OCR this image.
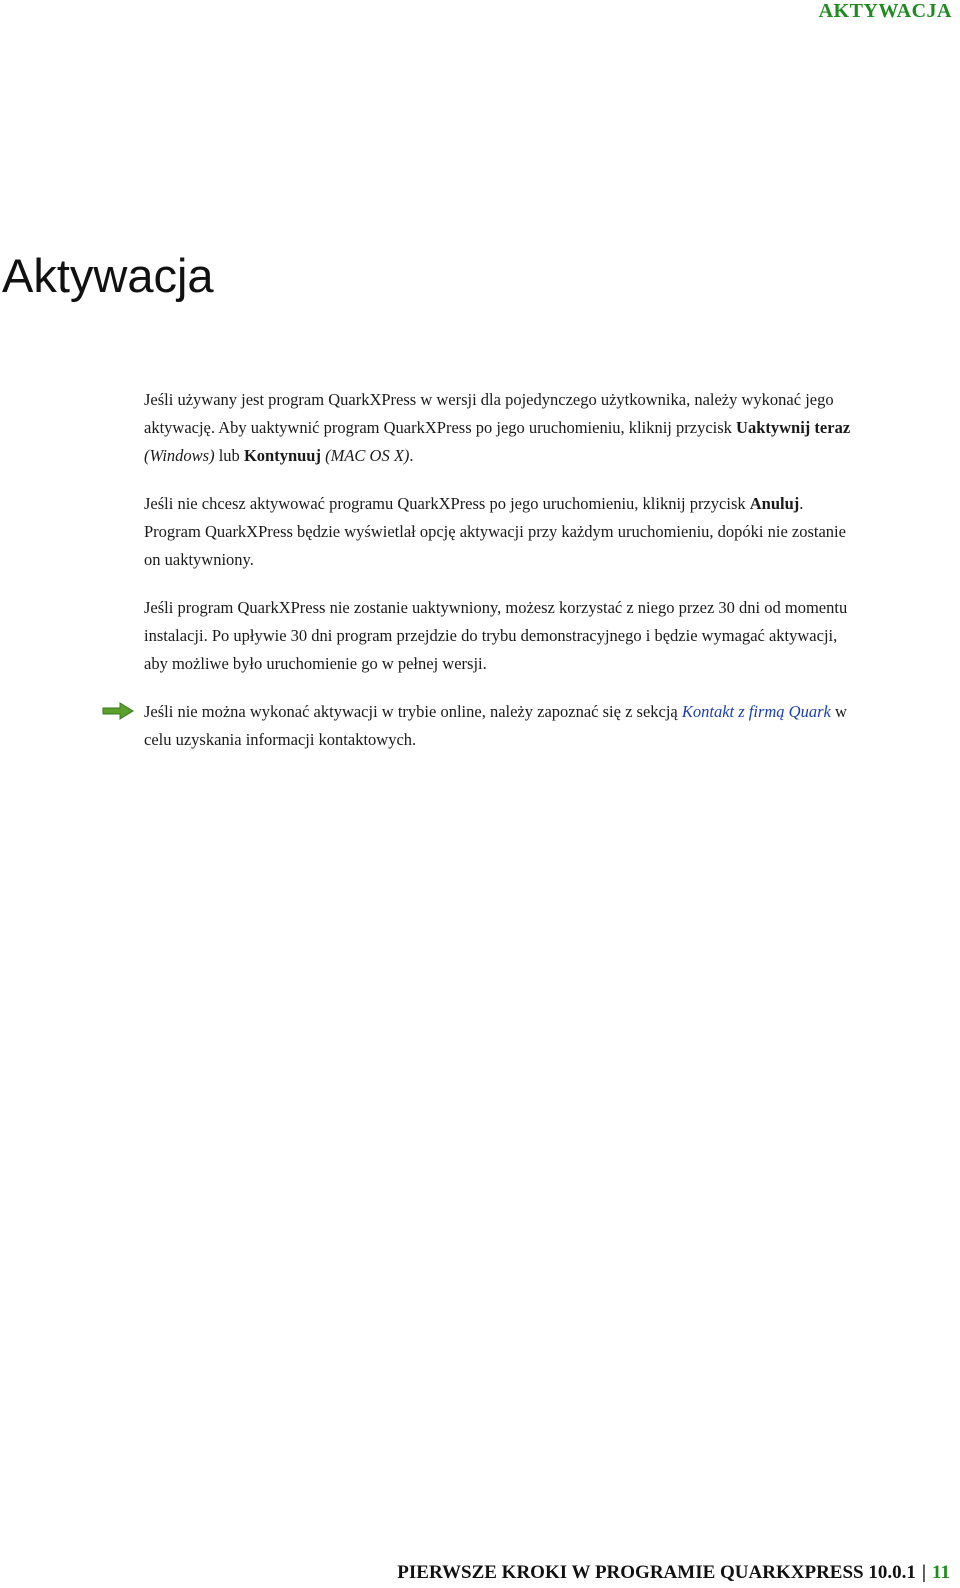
AKTYWACJA
Aktywacja

Jeśli używany jest program QuarkXPress w wersji dla pojedynczego użytkownika, należy wykonać jego aktywację. Aby uaktywnić program QuarkXPress po jego uruchomieniu, kliknij przycisk Uaktywnij teraz (Windows) lub Kontynuuj (MAC OS X).

Jeśli nie chcesz aktywować programu QuarkXPress po jego uruchomieniu, kliknij przycisk Anuluj. Program QuarkXPress będzie wyświetlał opcję aktywacji przy każdym uruchomieniu, dopóki nie zostanie on uaktywniony.

Jeśli program QuarkXPress nie zostanie uaktywniony, możesz korzystać z niego przez 30 dni od momentu instalacji. Po upływie 30 dni program przejdzie do trybu demonstracyjnego i będzie wymagać aktywacji, aby możliwe było uruchomienie go w pełnej wersji.

Jeśli nie można wykonać aktywacji w trybie online, należy zapoznać się z sekcją Kontakt z firmą Quark w celu uzyskania informacji kontaktowych.

PIERWSZE KROKI W PROGRAMIE QUARKXPRESS 10.0.1 | 11
